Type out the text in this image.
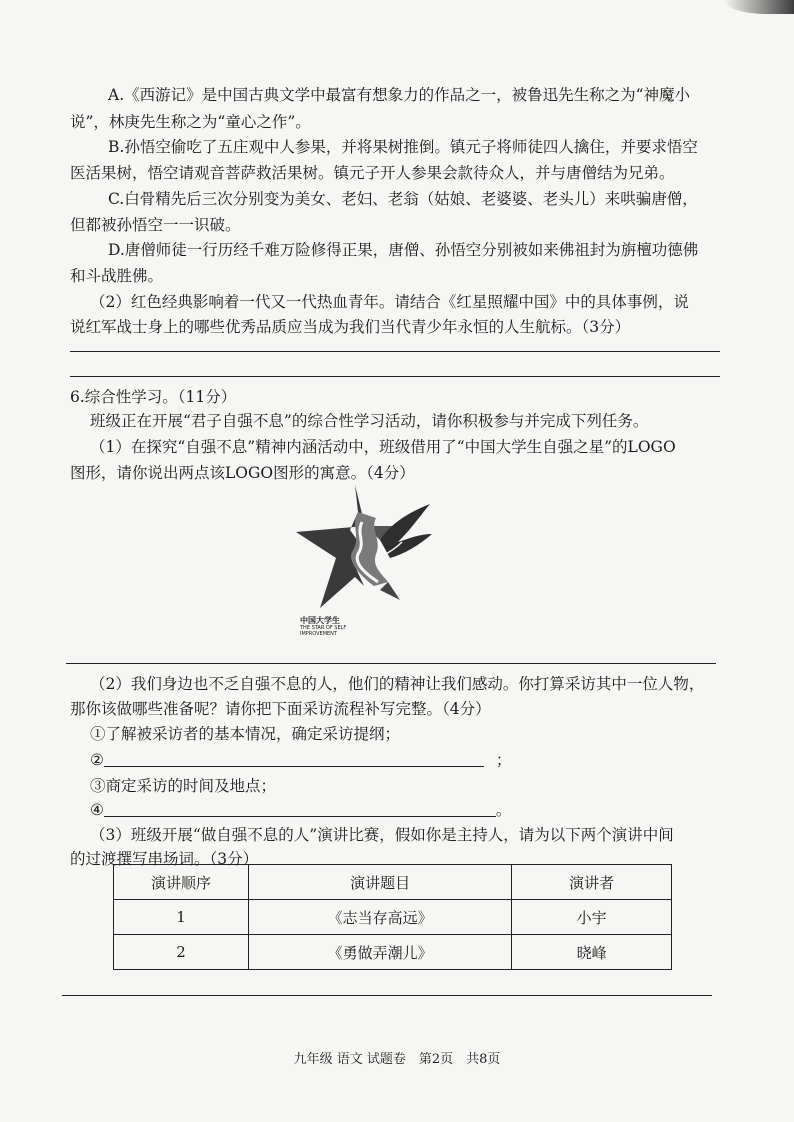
A.《西游记》是中国古典文学中最富有想象力的作品之一，被鲁迅先生称之为“神魔小
说”，林庚先生称之为“童心之作”。
B.孙悟空偷吃了五庄观中人参果，并将果树推倒。镇元子将师徒四人擒住，并要求悟空
医活果树，悟空请观音菩萨救活果树。镇元子开人参果会款待众人，并与唐僧结为兄弟。
C.白骨精先后三次分别变为美女、老妇、老翁（姑娘、老婆婆、老头儿）来哄骗唐僧，
但都被孙悟空一一识破。
D.唐僧师徒一行历经千难万险修得正果，唐僧、孙悟空分别被如来佛祖封为旃檀功德佛
和斗战胜佛。
（2）红色经典影响着一代又一代热血青年。请结合《红星照耀中国》中的具体事例，说
说红军战士身上的哪些优秀品质应当成为我们当代青少年永恒的人生航标。（3分）
6.综合性学习。（11分）
班级正在开展“君子自强不息”的综合性学习活动，请你积极参与并完成下列任务。
（1）在探究“自强不息”精神内涵活动中，班级借用了“中国大学生自强之星”的LOGO
图形，请你说出两点该LOGO图形的寓意。（4分）
中国大学生
THE STAR OF SELF IMPROVEMENT
（2）我们身边也不乏自强不息的人，他们的精神让我们感动。你打算采访其中一位人物，
那你该做哪些准备呢？请你把下面采访流程补写完整。（4分）
①了解被采访者的基本情况，确定采访提纲；
②	；
③商定采访的时间及地点；
④	。
（3）班级开展“做自强不息的人”演讲比赛，假如你是主持人，请为以下两个演讲中间
的过渡撰写串场词。（3分）
演讲顺序	演讲题目	演讲者
1	《志当存高远》	小宇
2	《勇做弄潮儿》	晓峰
九年级 语文 试题卷　第2页　共8页
